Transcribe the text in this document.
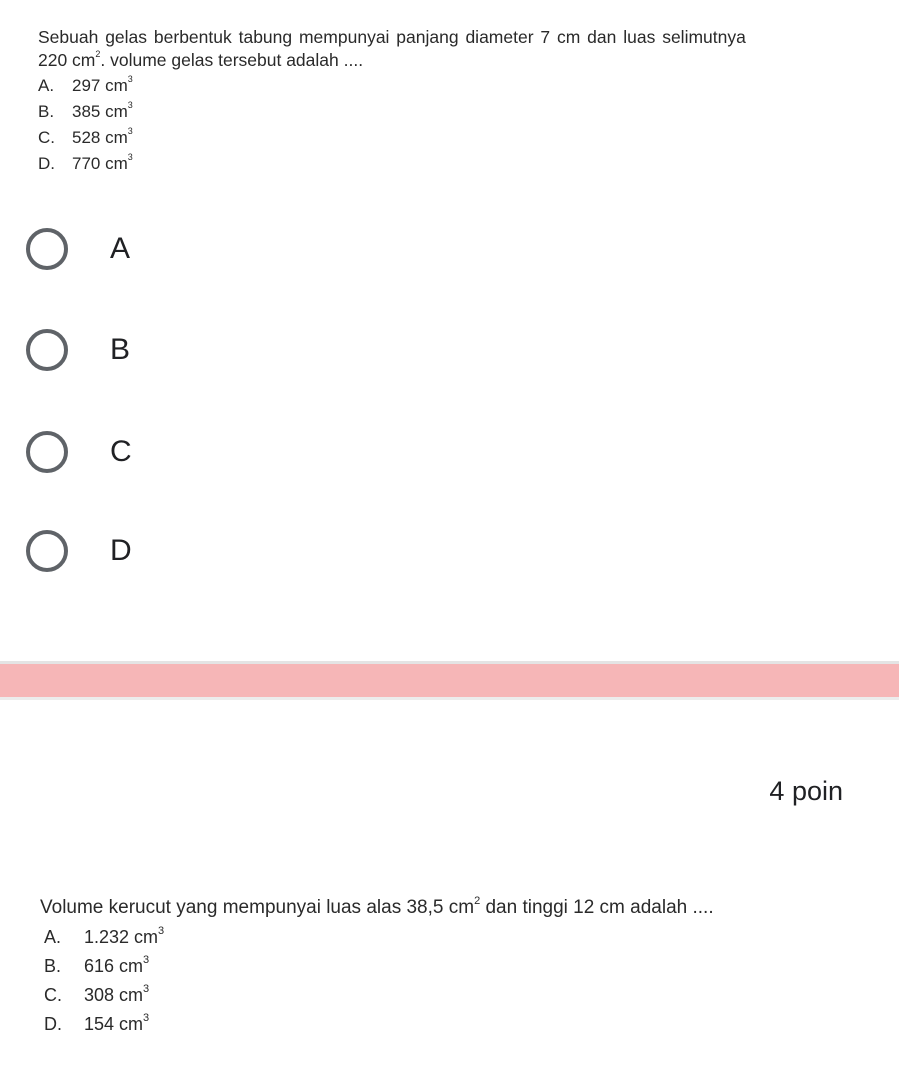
Sebuah gelas berbentuk tabung mempunyai panjang diameter 7 cm dan luas selimutnya
220 $cm^2$. volume gelas tersebut adalah ....
A. 297 $cm^3$
B. 385 $cm^3$
C. 528 $cm^3$
D. 770 $cm^3$
A
B
C
D
4 poin
Volume kerucut yang mempunyai luas alas 38,5 $cm^2$ dan tinggi 12 cm adalah ....
A. 1.232 $cm^3$
B. 616 $cm^3$
C. 308 $cm^3$
D. 154 $cm^3$
